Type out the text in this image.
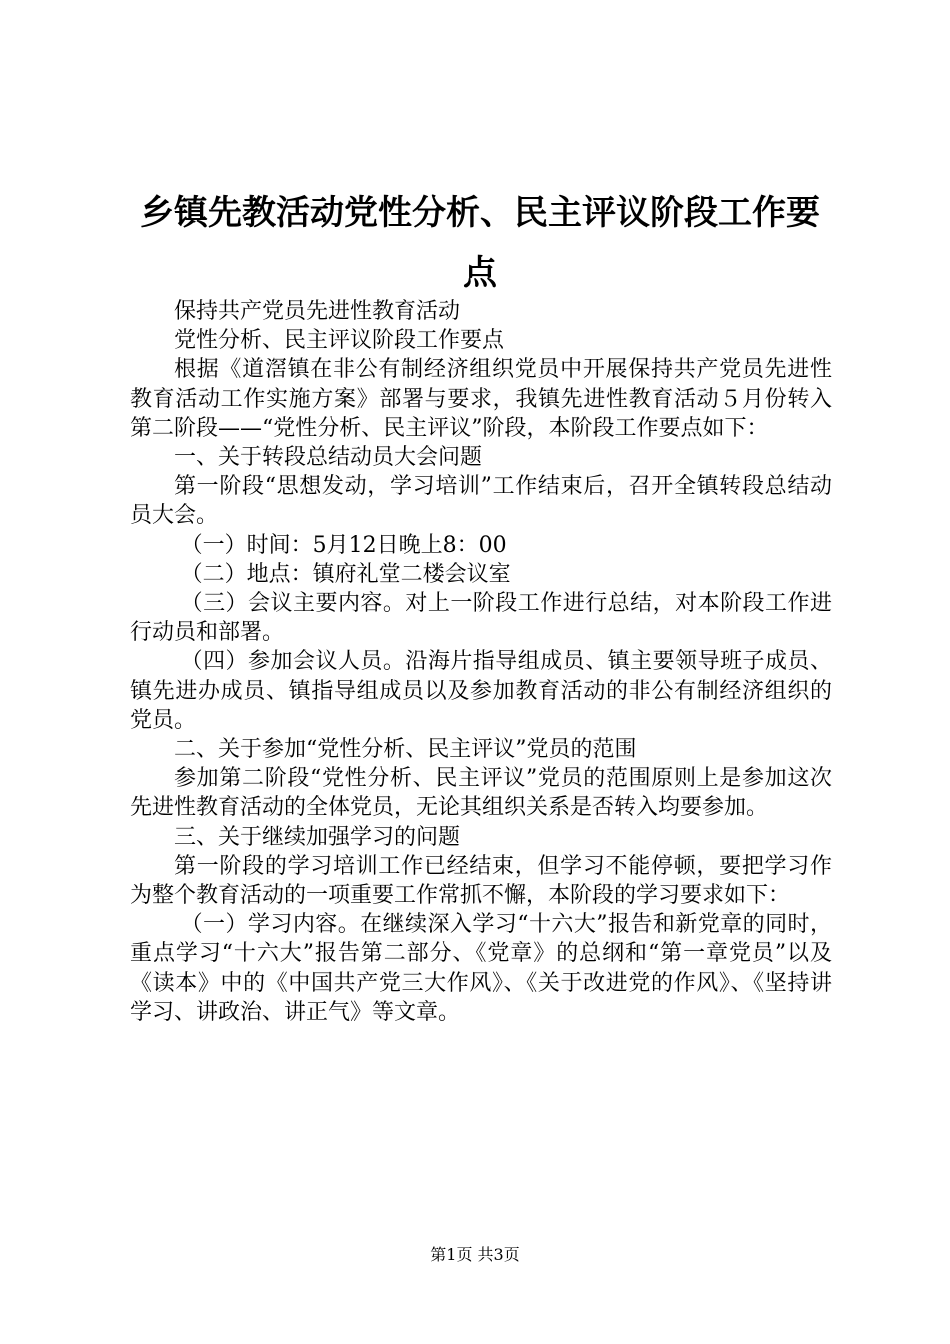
乡镇先教活动党性分析、民主评议阶段工作要点

保持共产党员先进性教育活动

党性分析、民主评议阶段工作要点

根据《道滘镇在非公有制经济组织党员中开展保持共产党员先进性教育活动工作实施方案》部署与要求，我镇先进性教育活动５月份转入第二阶段——“党性分析、民主评议”阶段，本阶段工作要点如下：

一、关于转段总结动员大会问题

第一阶段“思想发动，学习培训”工作结束后，召开全镇转段总结动员大会。

（一）时间：5月12日晚上8：00

（二）地点：镇府礼堂二楼会议室

（三）会议主要内容。对上一阶段工作进行总结，对本阶段工作进行动员和部署。

（四）参加会议人员。沿海片指导组成员、镇主要领导班子成员、镇先进办成员、镇指导组成员以及参加教育活动的非公有制经济组织的党员。

二、关于参加“党性分析、民主评议”党员的范围

参加第二阶段“党性分析、民主评议”党员的范围原则上是参加这次先进性教育活动的全体党员，无论其组织关系是否转入均要参加。

三、关于继续加强学习的问题

第一阶段的学习培训工作已经结束，但学习不能停顿，要把学习作为整个教育活动的一项重要工作常抓不懈，本阶段的学习要求如下：

（一）学习内容。在继续深入学习“十六大”报告和新党章的同时，重点学习“十六大”报告第二部分、《党章》的总纲和“第一章党员”以及《读本》中的《中国共产党三大作风》、《关于改进党的作风》、《坚持讲学习、讲政治、讲正气》等文章。

第1页 共3页
